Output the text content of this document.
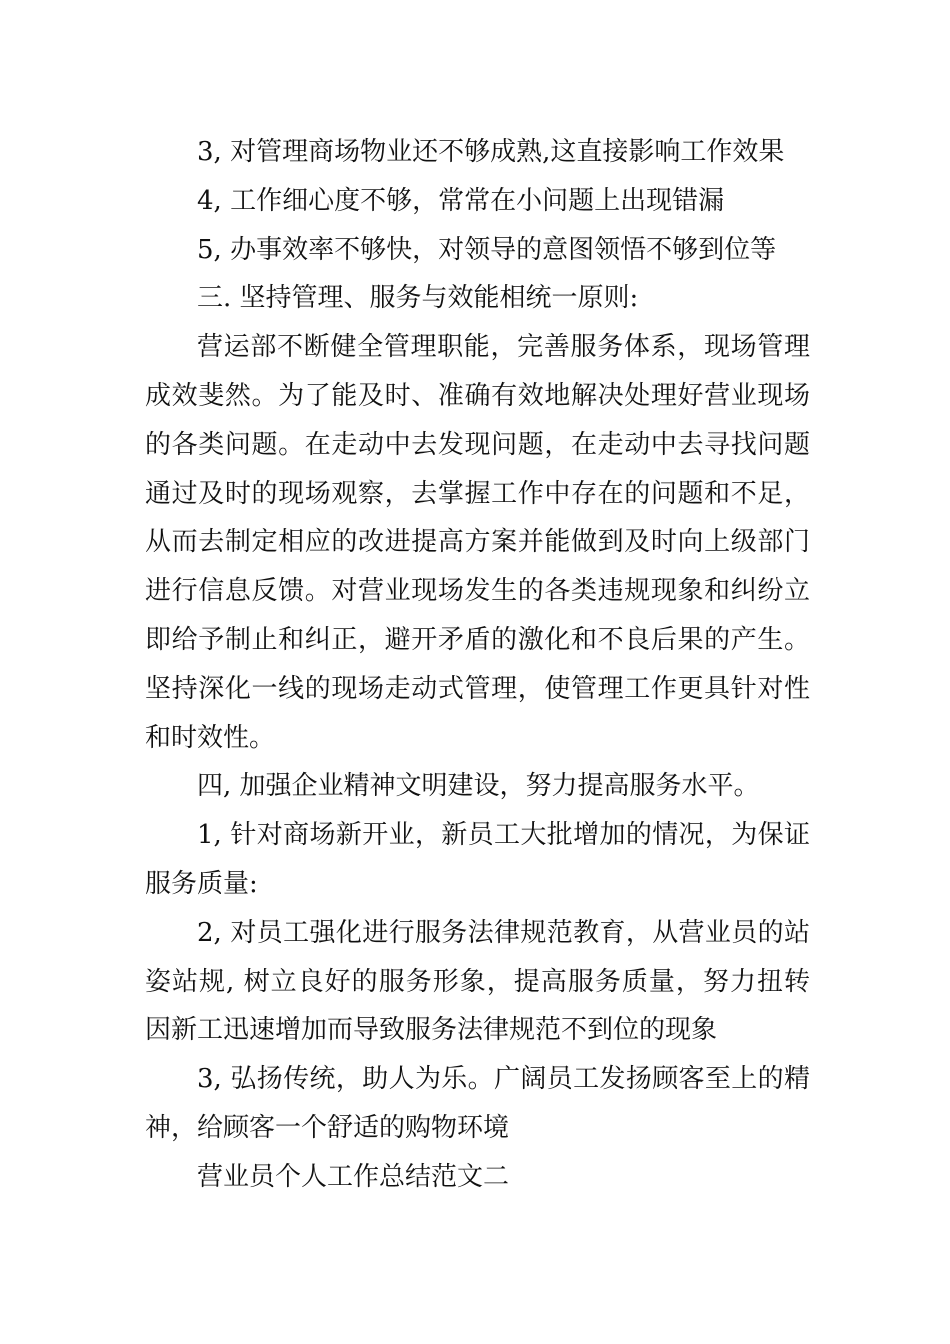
3, 对管理商场物业还不够成熟,这直接影响工作效果

4, 工作细心度不够，常常在小问题上出现错漏

5, 办事效率不够快，对领导的意图领悟不够到位等

三. 坚持管理、服务与效能相统一原则:

营运部不断健全管理职能，完善服务体系，现场管理成效斐然。为了能及时、准确有效地解决处理好营业现场的各类问题。在走动中去发现问题，在走动中去寻找问题通过及时的现场观察，去掌握工作中存在的问题和不足，从而去制定相应的改进提高方案并能做到及时向上级部门进行信息反馈。对营业现场发生的各类违规现象和纠纷立即给予制止和纠正，避开矛盾的激化和不良后果的产生。坚持深化一线的现场走动式管理，使管理工作更具针对性和时效性。

四, 加强企业精神文明建设，努力提高服务水平。

1, 针对商场新开业，新员工大批增加的情况，为保证服务质量:

2, 对员工强化进行服务法律规范教育，从营业员的站姿站规, 树立良好的服务形象，提高服务质量，努力扭转因新工迅速增加而导致服务法律规范不到位的现象

3, 弘扬传统，助人为乐。广阔员工发扬顾客至上的精神，给顾客一个舒适的购物环境

营业员个人工作总结范文二
